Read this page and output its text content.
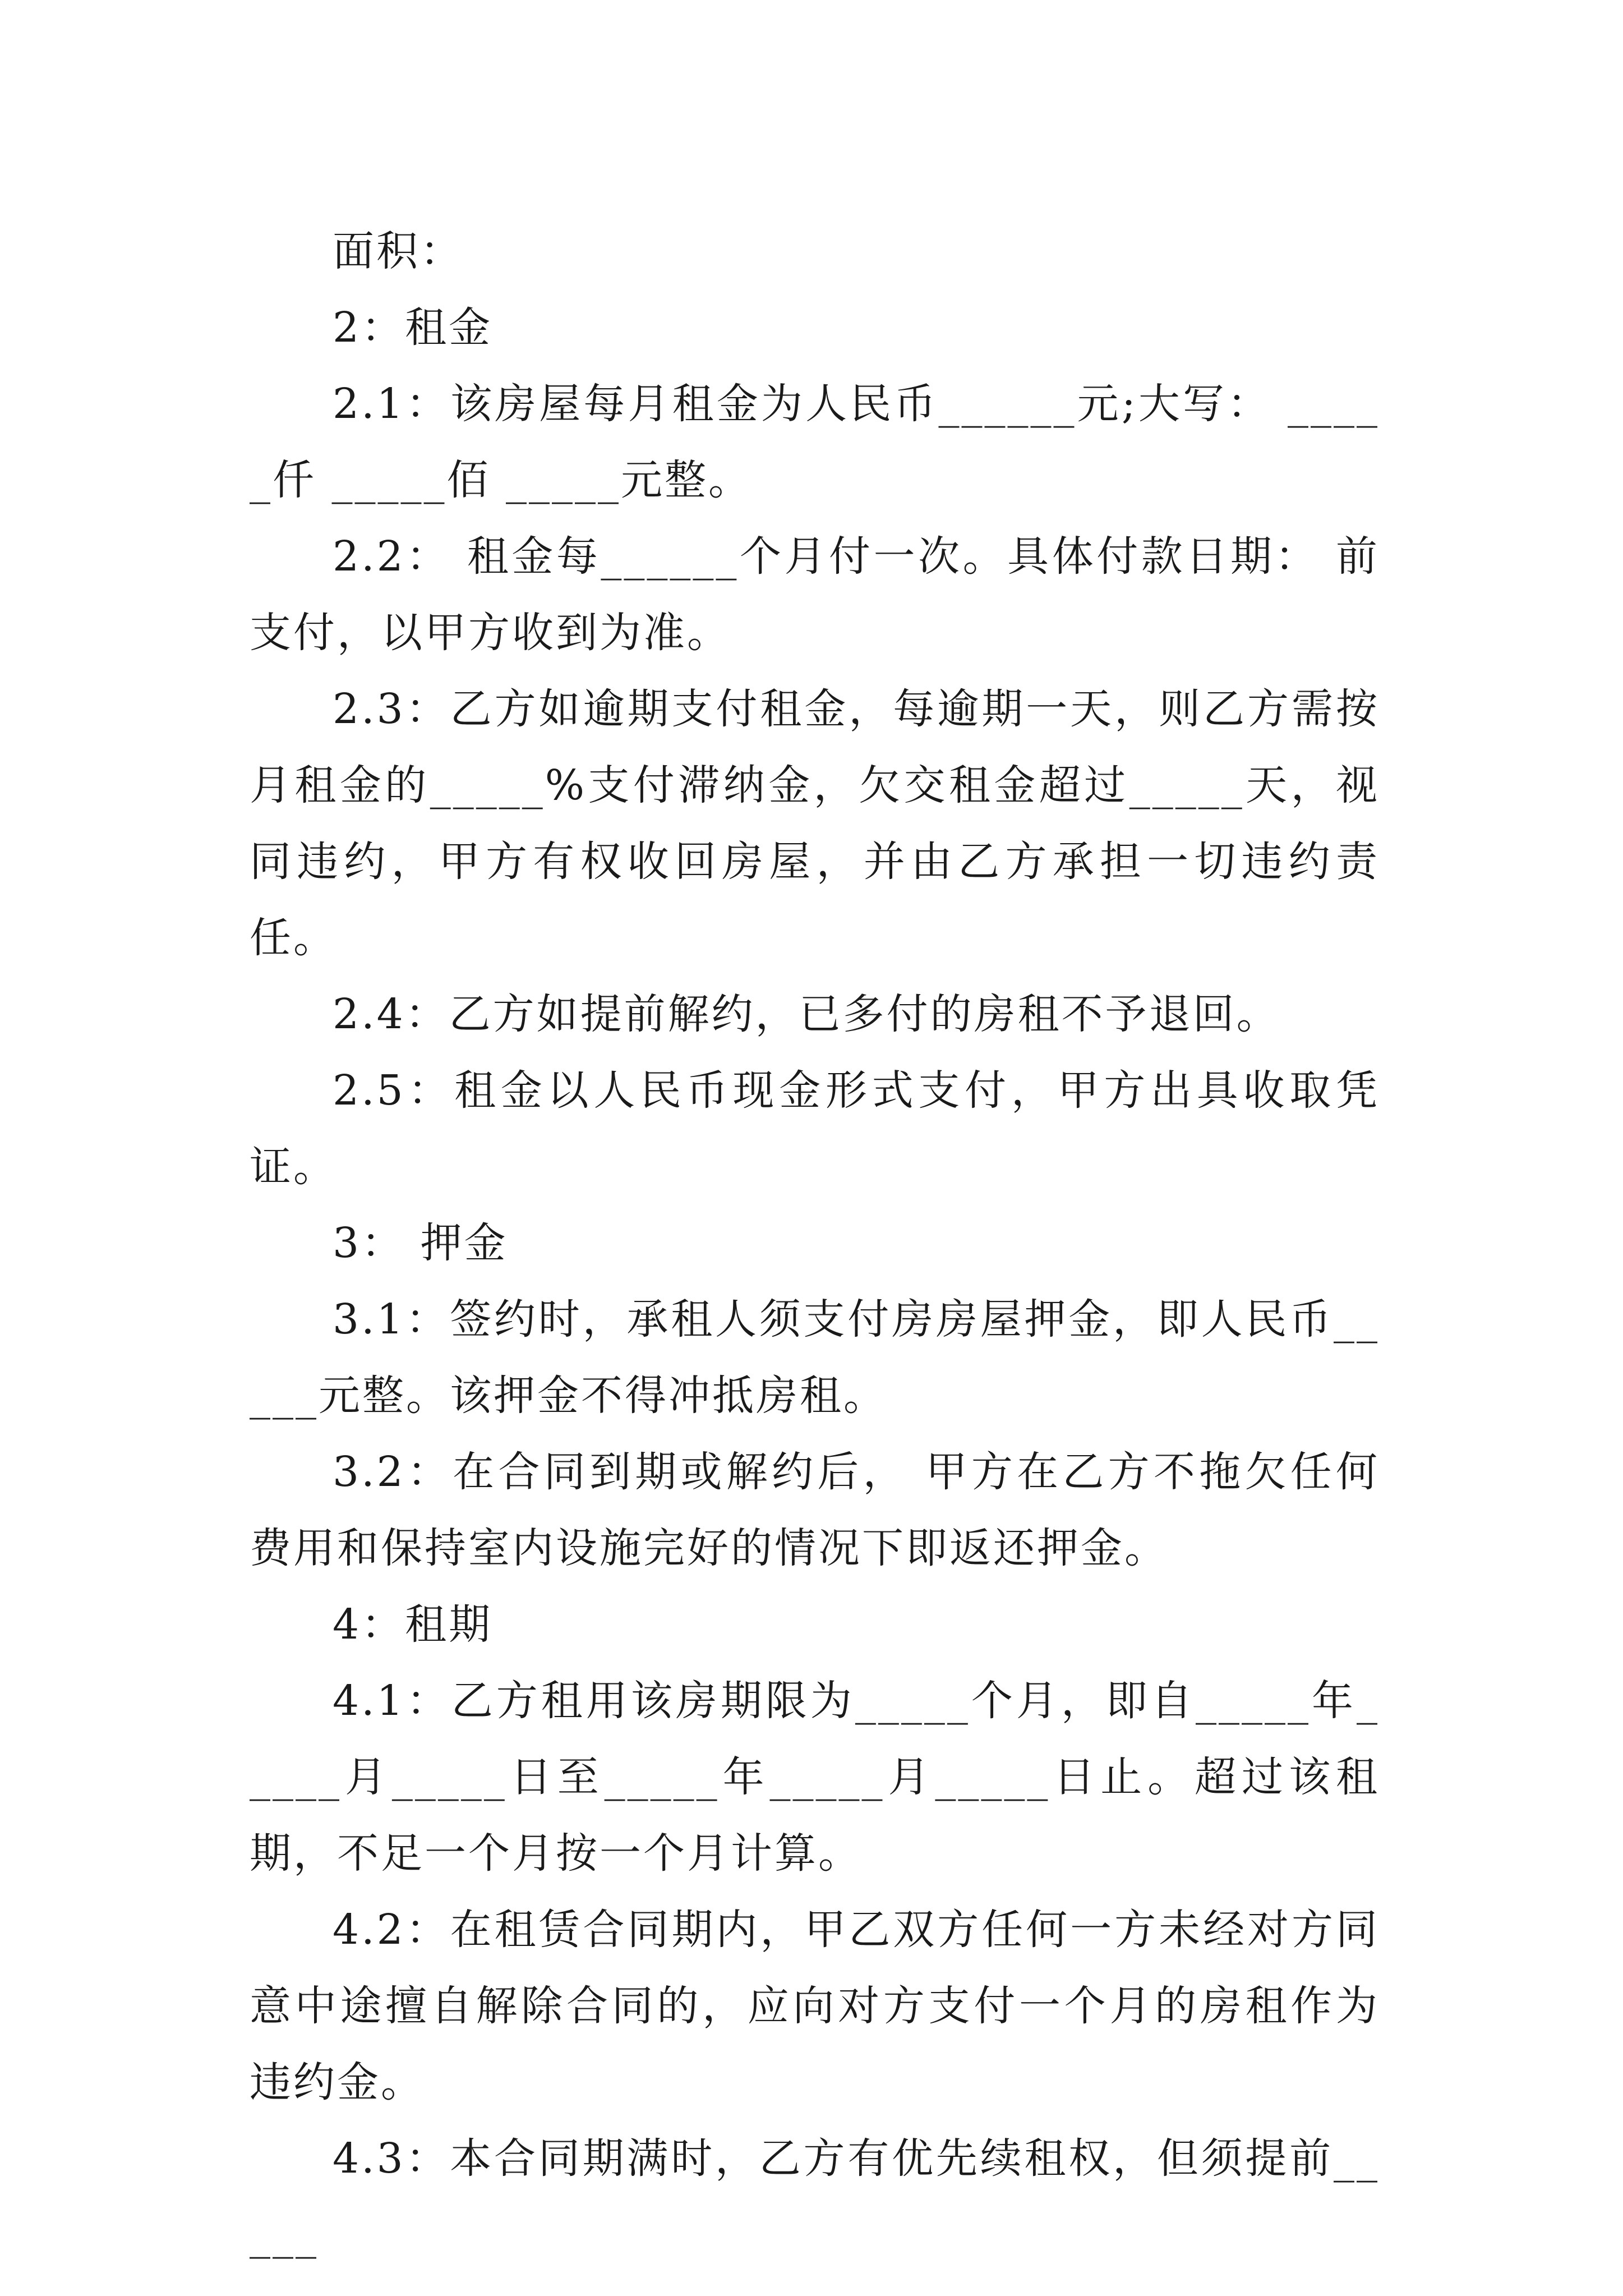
面积：

2：租金

2.1：该房屋每月租金为人民币______元;大写： _____仟 _____佰 _____元整。

2.2： 租金每______个月付一次。具体付款日期： 前支付，以甲方收到为准。

2.3：乙方如逾期支付租金，每逾期一天，则乙方需按月租金的_____%支付滞纳金，欠交租金超过_____天，视同违约，甲方有权收回房屋，并由乙方承担一切违约责任。

2.4：乙方如提前解约，已多付的房租不予退回。

2.5：租金以人民币现金形式支付，甲方出具收取凭证。

3： 押金

3.1：签约时，承租人须支付房房屋押金，即人民币_____元整。该押金不得冲抵房租。

3.2：在合同到期或解约后， 甲方在乙方不拖欠任何费用和保持室内设施完好的情况下即返还押金。

4：租期

4.1：乙方租用该房期限为_____个月，即自_____年_____月_____日至_____年_____月_____日止。超过该租期，不足一个月按一个月计算。

4.2：在租赁合同期内，甲乙双方任何一方未经对方同意中途擅自解除合同的，应向对方支付一个月的房租作为违约金。

4.3：本合同期满时，乙方有优先续租权，但须提前_____
